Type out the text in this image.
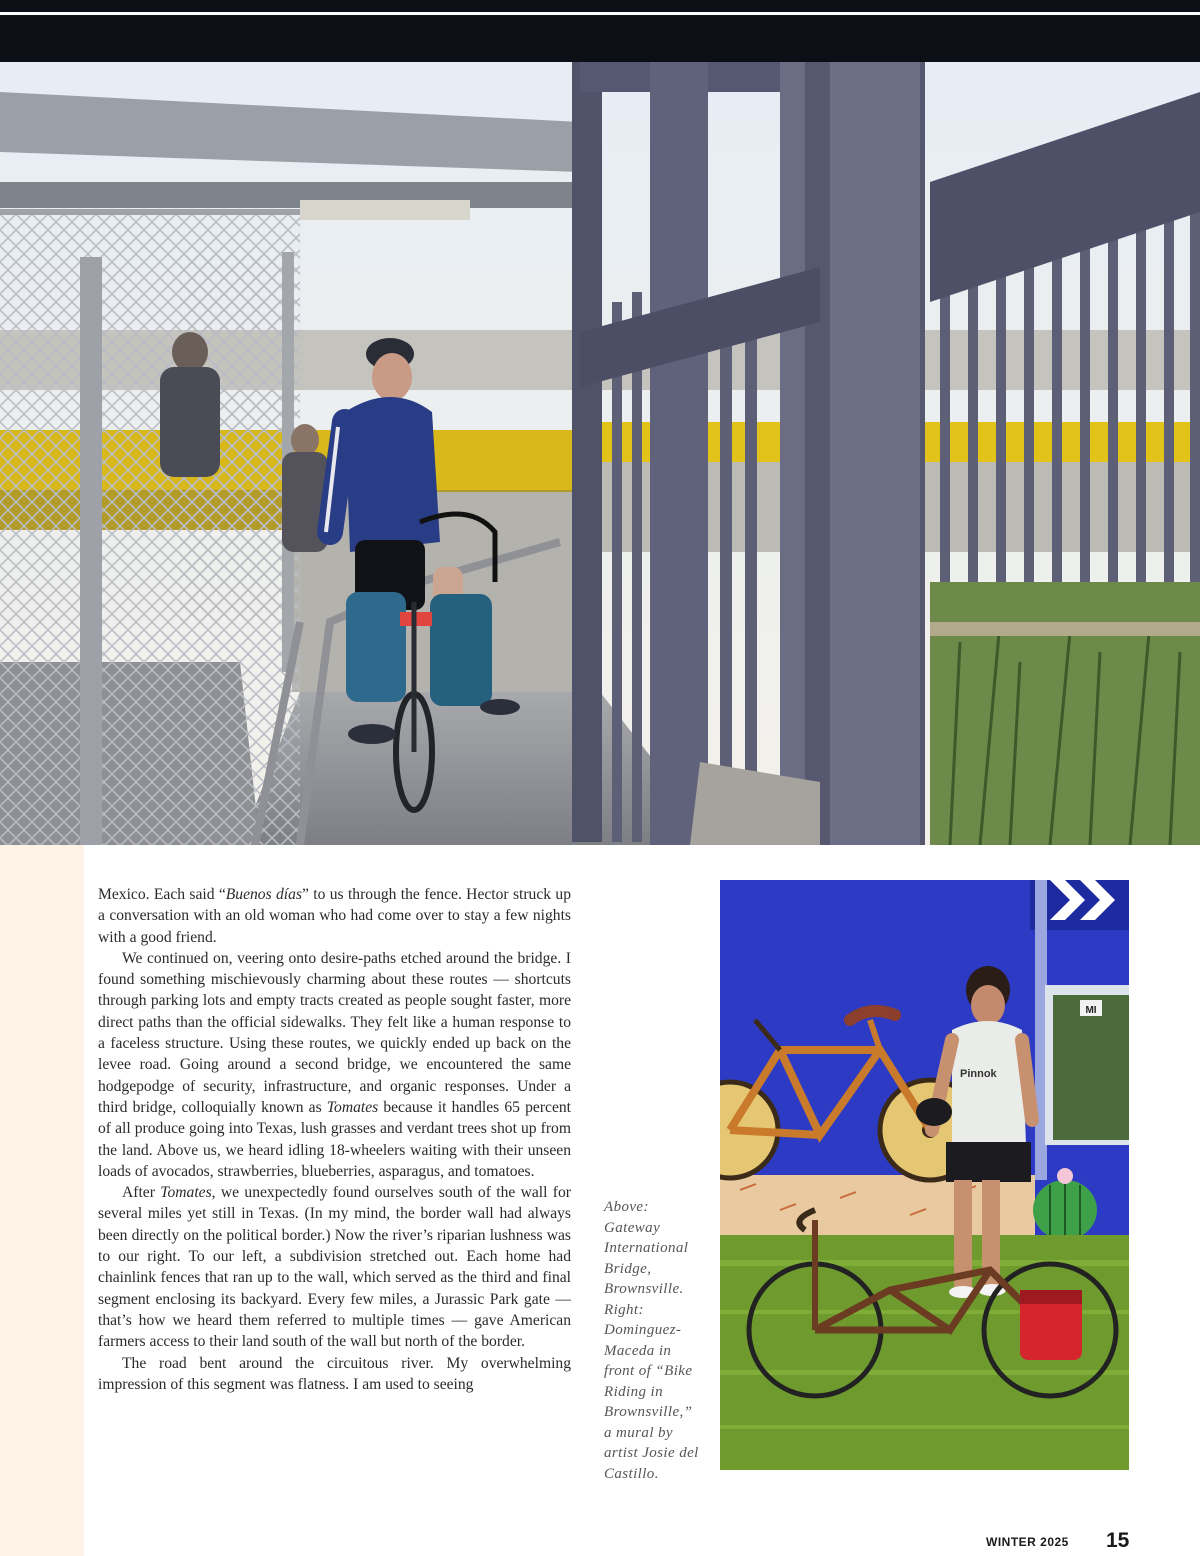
Mexico. Each said “Buenos días” to us through the fence. Hector struck up a conversation with an old woman who had come over to stay a few nights with a good friend.

We continued on, veering onto desire-paths etched around the bridge. I found something mischievously charming about these routes — shortcuts through parking lots and empty tracts created as people sought faster, more direct paths than the official sidewalks. They felt like a human response to a faceless structure. Using these routes, we quickly ended up back on the levee road. Going around a second bridge, we encountered the same hodgepodge of security, infrastructure, and organic responses. Under a third bridge, colloquially known as Tomates because it handles 65 percent of all produce going into Texas, lush grasses and verdant trees shot up from the land. Above us, we heard idling 18-wheelers waiting with their unseen loads of avocados, strawberries, blueberries, asparagus, and tomatoes.

After Tomates, we unexpectedly found ourselves south of the wall for several miles yet still in Texas. (In my mind, the border wall had always been directly on the political border.) Now the river’s riparian lushness was to our right. To our left, a subdivision stretched out. Each home had chainlink fences that ran up to the wall, which served as the third and final segment enclosing its backyard. Every few miles, a Jurassic Park gate — that’s how we heard them referred to multiple times — gave American farmers access to their land south of the wall but north of the border.

The road bent around the circuitous river. My overwhelming impression of this segment was flatness. I am used to seeing

Above:
Gateway
International
Bridge,
Brownsville.
Right:
Dominguez-
Maceda in
front of “Bike
Riding in
Brownsville,”
a mural by
artist Josie del
Castillo.
MI
Pinnok
WINTER 2025 15
